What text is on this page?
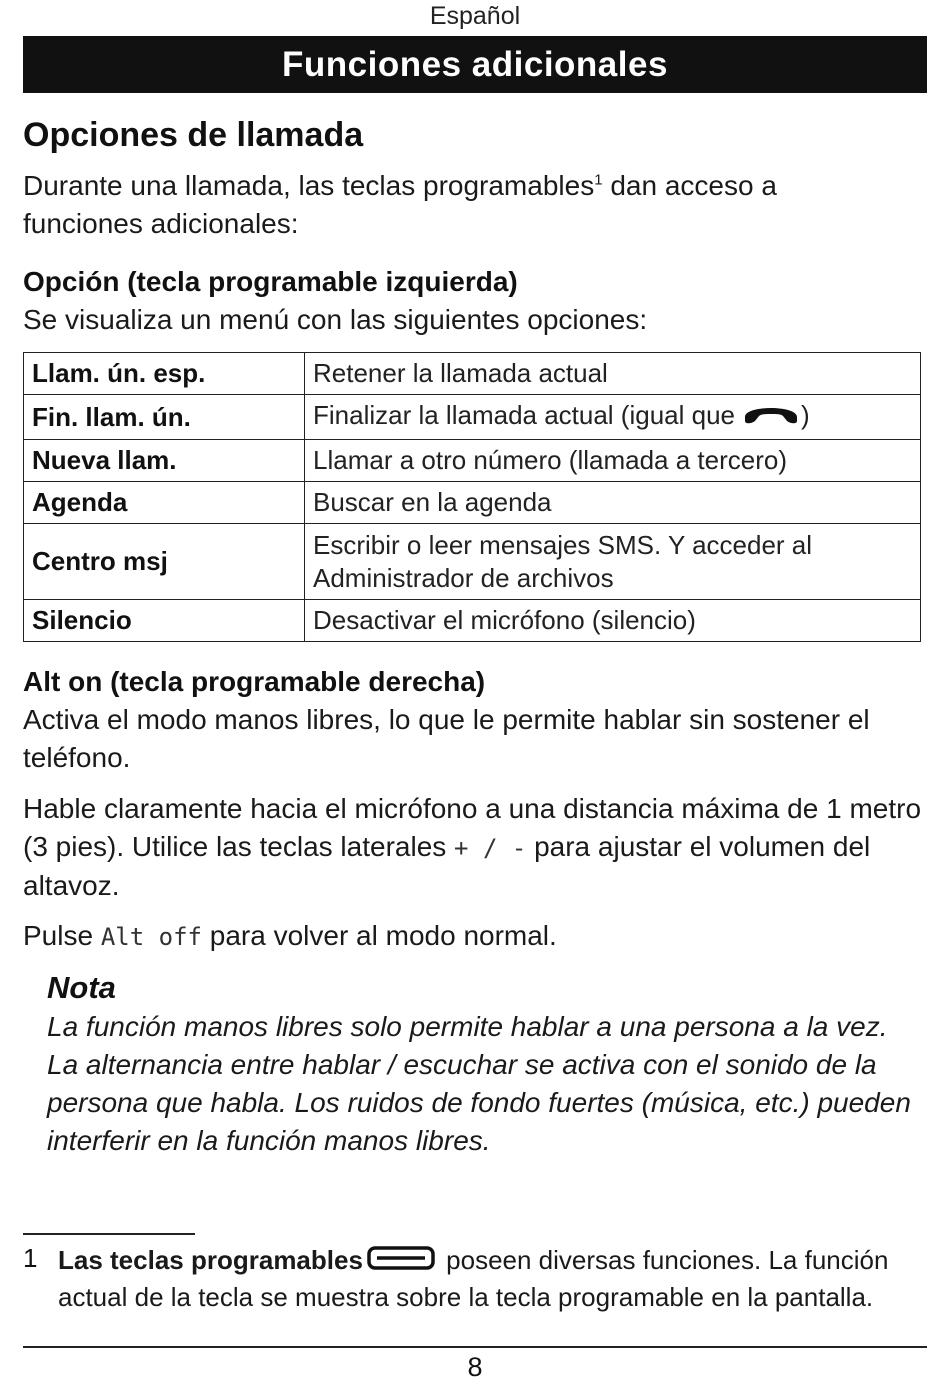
Español
Funciones adicionales
Opciones de llamada
Durante una llamada, las teclas programables$^1$ dan acceso a funciones adicionales:
Opción (tecla programable izquierda)
Se visualiza un menú con las siguientes opciones:
Llam. ún. esp.	Retener la llamada actual
Fin. llam. ún.	Finalizar la llamada actual (igual que )
Nueva llam.	Llamar a otro número (llamada a tercero)
Agenda	Buscar en la agenda
Centro msj	Escribir o leer mensajes SMS. Y acceder al Administrador de archivos
Silencio	Desactivar el micrófono (silencio)
Alt on (tecla programable derecha)
Activa el modo manos libres, lo que le permite hablar sin sostener el teléfono.
Hable claramente hacia el micrófono a una distancia máxima de 1 metro (3 pies). Utilice las teclas laterales + / - para ajustar el volumen del altavoz.
Pulse Alt off para volver al modo normal.
Nota
La función manos libres solo permite hablar a una persona a la vez. La alternancia entre hablar / escuchar se activa con el sonido de la persona que habla. Los ruidos de fondo fuertes (música, etc.) pueden interferir en la función manos libres.
1 Las teclas programables	poseen diversas funciones. La función actual de la tecla se muestra sobre la tecla programable en la pantalla.
8
